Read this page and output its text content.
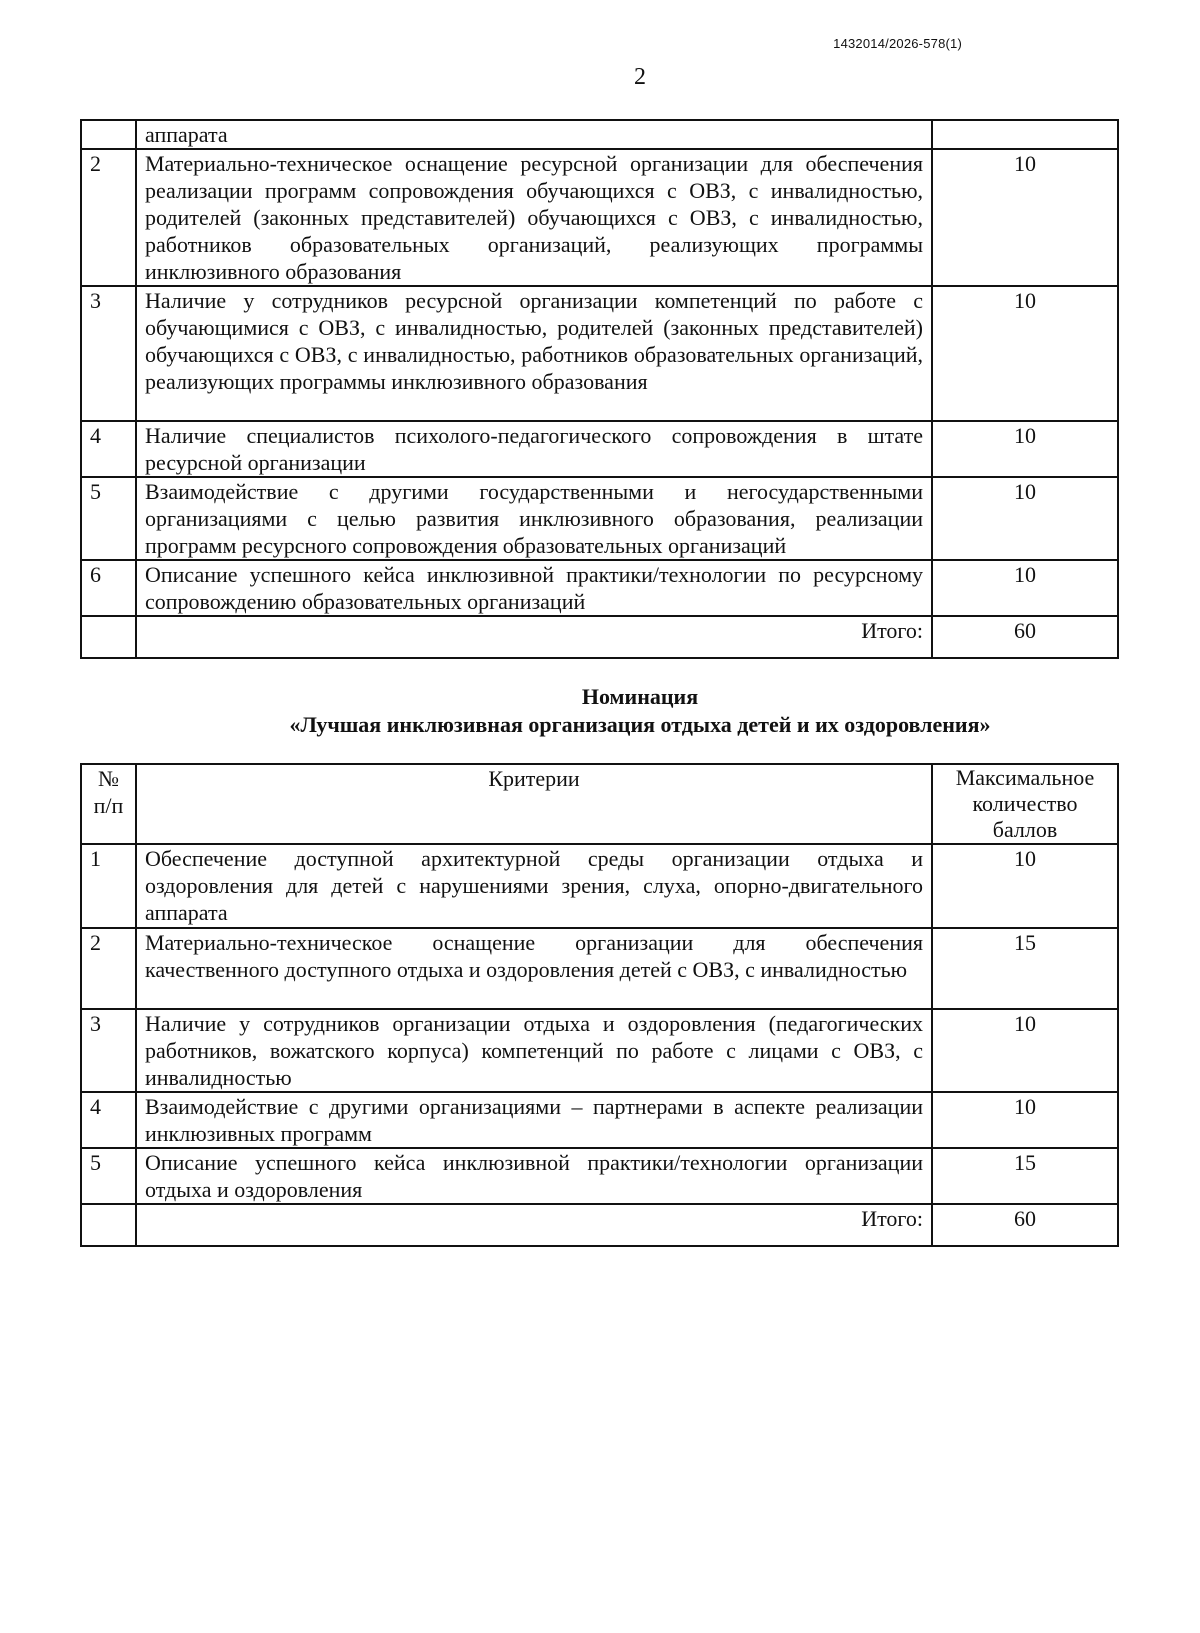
1432014/2026-578(1)
2
	аппарата	
2	Материально-техническое оснащение ресурсной организации для обеспечения реализации программ сопровождения обучающихся с ОВЗ, с инвалидностью, родителей (законных представителей) обучающихся с ОВЗ, с инвалидностью, работников образовательных организаций, реализующих программы инклюзивного образования	10
3	Наличие у сотрудников ресурсной организации компетенций по работе с обучающимися с ОВЗ, с инвалидностью, родителей (законных представителей) обучающихся с ОВЗ, с инвалидностью, работников образовательных организаций, реализующих программы инклюзивного образования	10
4	Наличие специалистов психолого-педагогического сопровождения в штате ресурсной организации	10
5	Взаимодействие с другими государственными и негосударственными организациями с целью развития инклюзивного образования, реализации программ ресурсного сопровождения образовательных организаций	10
6	Описание успешного кейса инклюзивной практики/технологии по ресурсному сопровождению образовательных организаций	10
	Итого:	60
Номинация
«Лучшая инклюзивная организация отдыха детей и их оздоровления»
№ п/п	Критерии	Максимальное количество баллов
1	Обеспечение доступной архитектурной среды организации отдыха и оздоровления для детей с нарушениями зрения, слуха, опорно-двигательного аппарата	10
2	Материально-техническое оснащение организации для обеспечения качественного доступного отдыха и оздоровления детей с ОВЗ, с инвалидностью	15
3	Наличие у сотрудников организации отдыха и оздоровления (педагогических работников, вожатского корпуса) компетенций по работе с лицами с ОВЗ, с инвалидностью	10
4	Взаимодействие с другими организациями – партнерами в аспекте реализации инклюзивных программ	10
5	Описание успешного кейса инклюзивной практики/технологии организации отдыха и оздоровления	15
	Итого:	60
